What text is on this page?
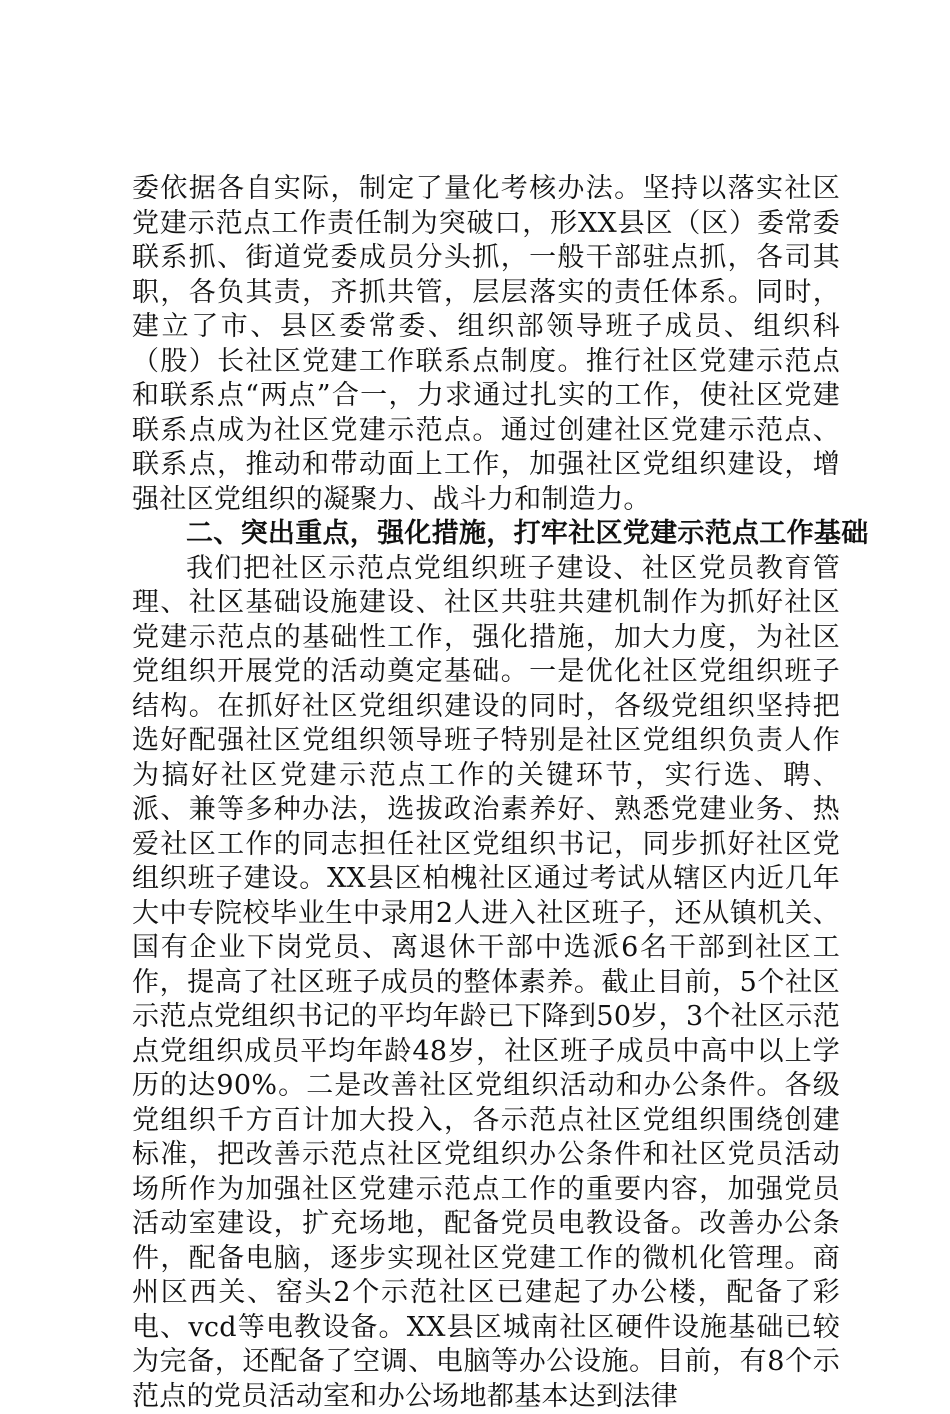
委依据各自实际，制定了量化考核办法。坚持以落实社区党建示范点工作责任制为突破口，形XX县区（区）委常委联系抓、街道党委成员分头抓，一般干部驻点抓，各司其职，各负其责，齐抓共管，层层落实的责任体系。同时，建立了市、县区委常委、组织部领导班子成员、组织科（股）长社区党建工作联系点制度。推行社区党建示范点和联系点“两点”合一，力求通过扎实的工作，使社区党建联系点成为社区党建示范点。通过创建社区党建示范点、联系点，推动和带动面上工作，加强社区党组织建设，增强社区党组织的凝聚力、战斗力和制造力。

二、突出重点，强化措施，打牢社区党建示范点工作基础

我们把社区示范点党组织班子建设、社区党员教育管理、社区基础设施建设、社区共驻共建机制作为抓好社区党建示范点的基础性工作，强化措施，加大力度，为社区党组织开展党的活动奠定基础。一是优化社区党组织班子结构。在抓好社区党组织建设的同时，各级党组织坚持把选好配强社区党组织领导班子特别是社区党组织负责人作为搞好社区党建示范点工作的关键环节，实行选、聘、派、兼等多种办法，选拔政治素养好、熟悉党建业务、热爱社区工作的同志担任社区党组织书记，同步抓好社区党组织班子建设。XX县区柏槐社区通过考试从辖区内近几年大中专院校毕业生中录用2人进入社区班子，还从镇机关、国有企业下岗党员、离退休干部中选派6名干部到社区工作，提高了社区班子成员的整体素养。截止目前，5个社区示范点党组织书记的平均年龄已下降到50岁，3个社区示范点党组织成员平均年龄48岁，社区班子成员中高中以上学历的达90%。二是改善社区党组织活动和办公条件。各级党组织千方百计加大投入，各示范点社区党组织围绕创建标准，把改善示范点社区党组织办公条件和社区党员活动场所作为加强社区党建示范点工作的重要内容，加强党员活动室建设，扩充场地，配备党员电教设备。改善办公条件，配备电脑，逐步实现社区党建工作的微机化管理。商州区西关、窑头2个示范社区已建起了办公楼，配备了彩电、vcd等电教设备。XX县区城南社区硬件设施基础已较为完备，还配备了空调、电脑等办公设施。目前，有8个示范点的党员活动室和办公场地都基本达到法律
